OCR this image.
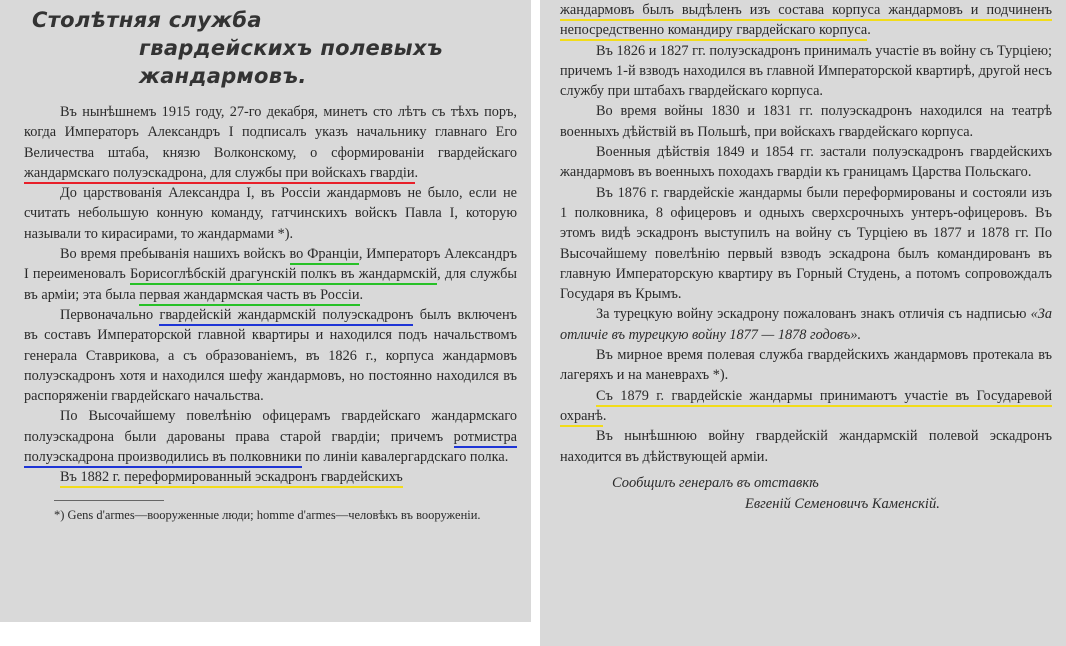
Столѣтняя служба
гвардейскихъ полевыхъ жандармовъ.

Въ нынѣшнемъ 1915 году, 27-го декабря, минетъ сто лѣтъ съ тѣхъ поръ, когда Императоръ Александръ I подписалъ указъ начальнику главнаго Его Величества штаба, князю Волконскому, о сформированіи гвардейскаго жандармскаго полуэскадрона, для службы при войскахъ гвардіи.

До царствованія Александра I, въ Россіи жандармовъ не было, если не считать небольшую конную команду, гатчинскихъ войскъ Павла I, которую называли то кирасирами, то жандармами *).

Во время пребыванія нашихъ войскъ во Франціи, Императоръ Александръ I переименовалъ Борисоглѣбскій драгунскій полкъ въ жандармскій, для службы въ арміи; эта была первая жандармская часть въ Россіи.

Первоначально гвардейскій жандармскій полуэскадронъ былъ включенъ въ составъ Императорской главной квартиры и находился подъ начальствомъ генерала Ставрикова, а съ образованіемъ, въ 1826 г., корпуса жандармовъ полуэскадронъ хотя и находился шефу жандармовъ, но постоянно находился въ распоряженіи гвардейскаго начальства.

По Высочайшему повелѣнію офицерамъ гвардейскаго жандармскаго полуэскадрона были дарованы права старой гвардіи; причемъ ротмистра полуэскадрона производились въ полковники по линіи кавалергардскаго полка.

Въ 1882 г. переформированный эскадронъ гвардейскихъ

*) Gens d'armes—вооруженные люди; homme d'armes—человѣкъ въ вооруженіи.

жандармовъ былъ выдѣленъ изъ состава корпуса жандармовъ и подчиненъ непосредственно командиру гвардейскаго корпуса.

Въ 1826 и 1827 гг. полуэскадронъ принималъ участіе въ войну съ Турціею; причемъ 1-й взводъ находился въ главной Императорской квартирѣ, другой несъ службу при штабахъ гвардейскаго корпуса.

Во время войны 1830 и 1831 гг. полуэскадронъ находился на театрѣ военныхъ дѣйствій въ Польшѣ, при войскахъ гвардейскаго корпуса.

Военныя дѣйствія 1849 и 1854 гг. застали полуэскадронъ гвардейскихъ жандармовъ въ военныхъ походахъ гвардіи къ границамъ Царства Польскаго.

Въ 1876 г. гвардейскіе жандармы были переформированы и состояли изъ 1 полковника, 8 офицеровъ и одныхъ сверхсрочныхъ унтеръ-офицеровъ. Въ этомъ видѣ эскадронъ выступилъ на войну съ Турціею въ 1877 и 1878 гг. По Высочайшему повелѣнію первый взводъ эскадрона былъ командированъ въ главную Императорскую квартиру въ Горный Студень, а потомъ сопровождалъ Государя въ Крымъ.

За турецкую войну эскадрону пожалованъ знакъ отличія съ надписью «За отличіе въ турецкую войну 1877 — 1878 годовъ».

Въ мирное время полевая служба гвардейскихъ жандармовъ протекала въ лагеряхъ и на маневрахъ *).

Съ 1879 г. гвардейскіе жандармы принимаютъ участіе въ Государевой охранѣ.

Въ нынѣшнюю войну гвардейскій жандармскій полевой эскадронъ находится въ дѣйствующей арміи.

Сообщилъ генералъ въ отставкѣ

Евгеній Семеновичъ Каменскій.
